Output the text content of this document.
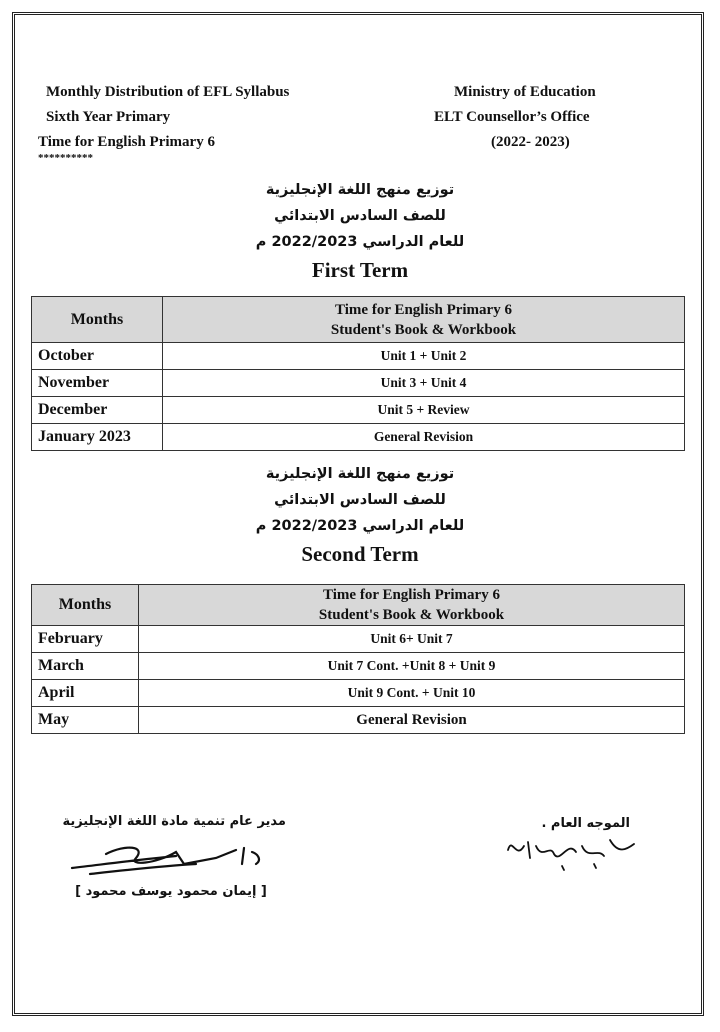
Monthly Distribution of EFL Syllabus
Sixth Year Primary
Time for English Primary 6
**********
Ministry of Education
ELT Counsellor’s Office
(2022- 2023)
توزيع منهج اللغة الإنجليزية
للصف السادس الابتدائي
للعام الدراسي 2022/2023 م
First Term
Months	Time for English Primary 6
Student's Book & Workbook

October	Unit 1 + Unit 2
November	Unit 3 + Unit 4
December	Unit 5 + Review
January 2023	General Revision
توزيع منهج اللغة الإنجليزية
للصف السادس الابتدائي
للعام الدراسي 2022/2023 م
Second Term
Months	Time for English Primary 6
Student's Book & Workbook

February	Unit 6+ Unit 7
March	Unit 7 Cont. +Unit 8 + Unit 9
April	Unit 9 Cont. + Unit 10
May	General Revision
مدير عام تنمية مادة اللغة الإنجليزية
[ إيمان محمود يوسف محمود ]
الموجه العام .
